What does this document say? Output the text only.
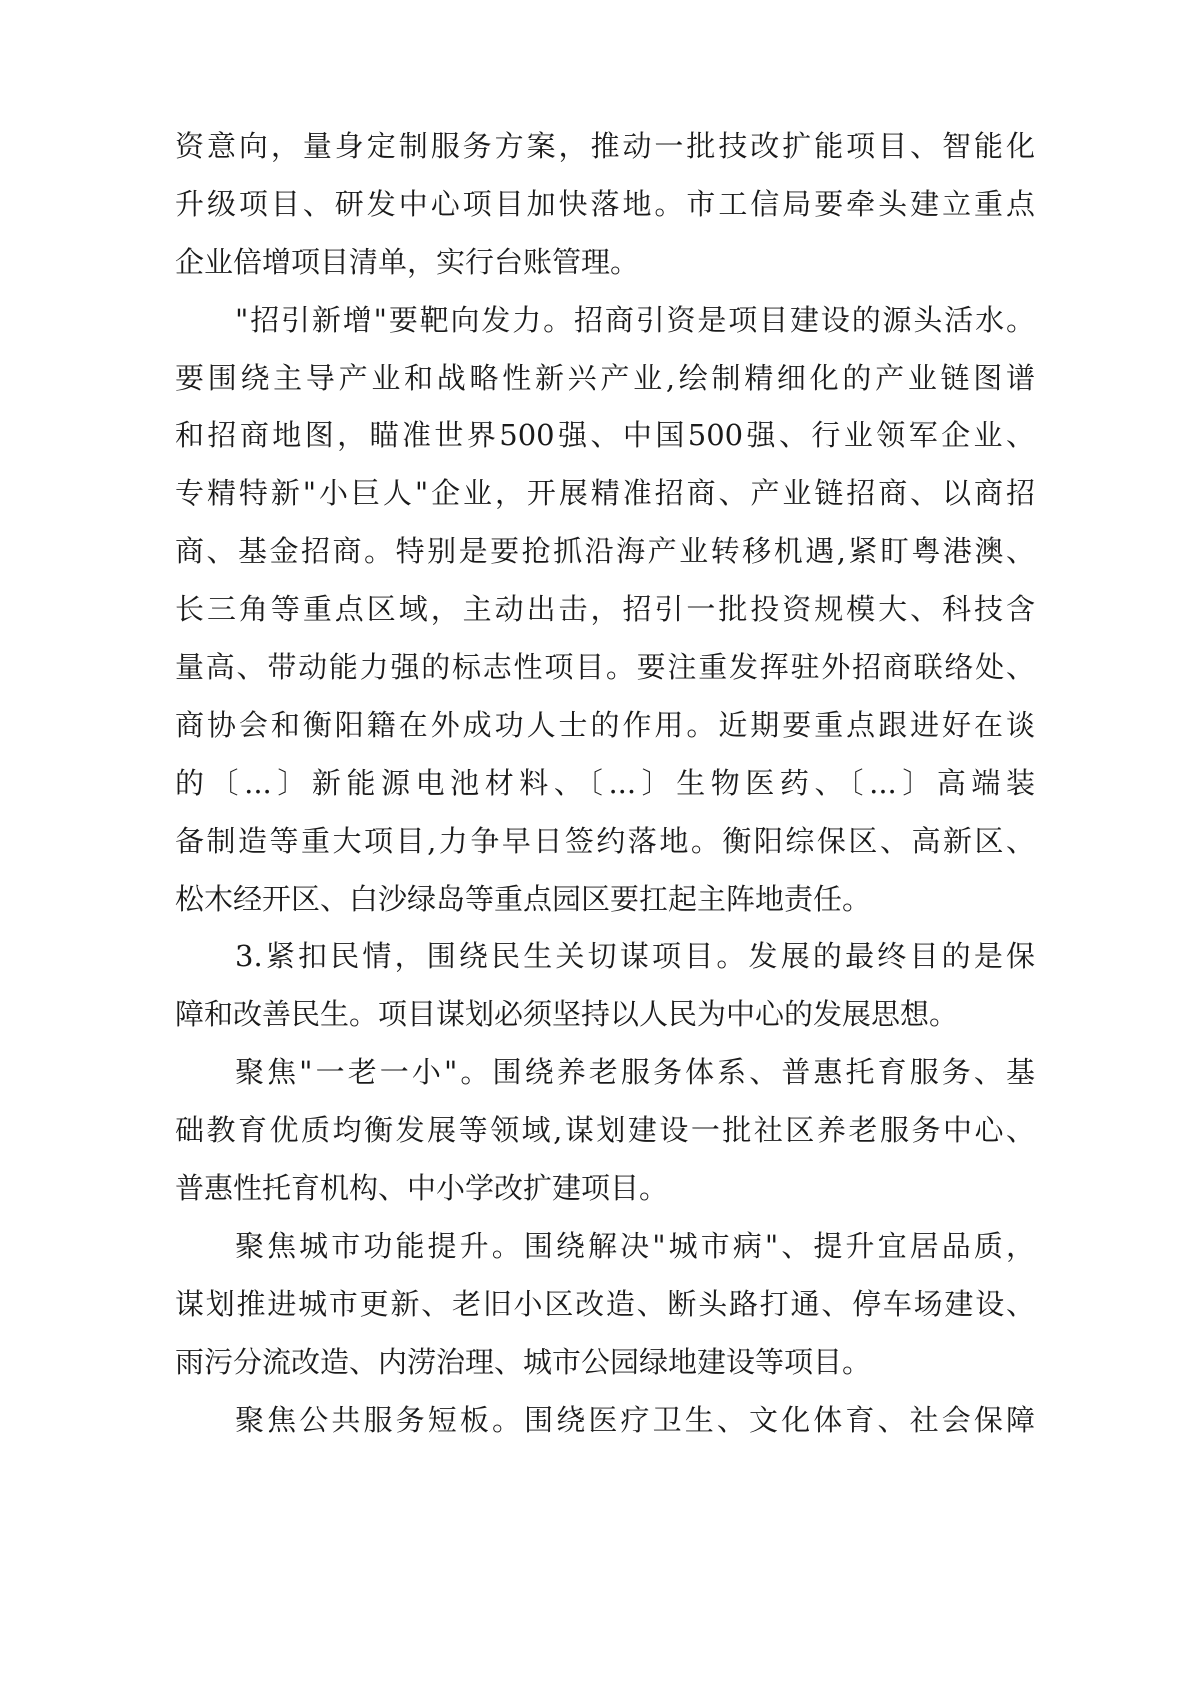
资意向，量身定制服务方案，推动一批技改扩能项目、智能化
升级项目、研发中心项目加快落地。市工信局要牵头建立重点
企业倍增项目清单，实行台账管理。
"招引新增"要靶向发力。招商引资是项目建设的源头活水。
要围绕主导产业和战略性新兴产业,绘制精细化的产业链图谱
和招商地图，瞄准世界500强、中国500强、行业领军企业、
专精特新"小巨人"企业，开展精准招商、产业链招商、以商招
商、基金招商。特别是要抢抓沿海产业转移机遇,紧盯粤港澳、
长三角等重点区域，主动出击，招引一批投资规模大、科技含
量高、带动能力强的标志性项目。要注重发挥驻外招商联络处、
商协会和衡阳籍在外成功人士的作用。近期要重点跟进好在谈
的〔...〕新能源电池材料、〔...〕生物医药、〔...〕高端装
备制造等重大项目,力争早日签约落地。衡阳综保区、高新区、
松木经开区、白沙绿岛等重点园区要扛起主阵地责任。
3.紧扣民情，围绕民生关切谋项目。发展的最终目的是保
障和改善民生。项目谋划必须坚持以人民为中心的发展思想。
聚焦"一老一小"。围绕养老服务体系、普惠托育服务、基
础教育优质均衡发展等领域,谋划建设一批社区养老服务中心、
普惠性托育机构、中小学改扩建项目。
聚焦城市功能提升。围绕解决"城市病"、提升宜居品质，
谋划推进城市更新、老旧小区改造、断头路打通、停车场建设、
雨污分流改造、内涝治理、城市公园绿地建设等项目。
聚焦公共服务短板。围绕医疗卫生、文化体育、社会保障
